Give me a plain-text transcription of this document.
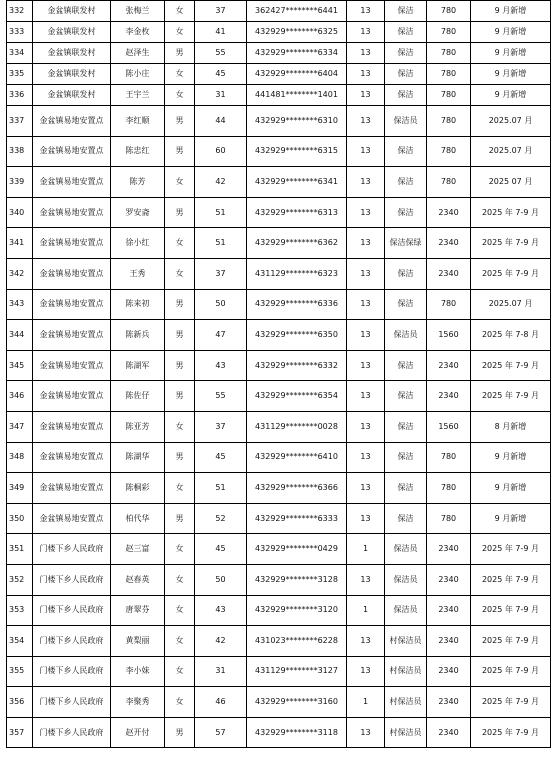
332	金盆镇联发村	张梅兰	女	37	362427********6441	13	保洁	780	9 月新增
333	金盆镇联发村	李金枚	女	41	432929********6325	13	保洁	780	9 月新增
334	金盆镇联发村	赵泽生	男	55	432929********6334	13	保洁	780	9 月新增
335	金盆镇联发村	陈小庄	女	45	432929********6404	13	保洁	780	9 月新增
336	金盆镇联发村	王宇兰	女	31	441481********1401	13	保洁	780	9 月新增
337	金盆镇易地安置点	李红顺	男	44	432929********6310	13	保洁员	780	2025.07 月
338	金盆镇易地安置点	陈忠红	男	60	432929********6315	13	保洁	780	2025.07 月
339	金盆镇易地安置点	陈芳	女	42	432929********6341	13	保洁	780	2025 07 月
340	金盆镇易地安置点	罗安斋	男	51	432929********6313	13	保洁	2340	2025 年 7-9 月
341	金盆镇易地安置点	徐小红	女	51	432929********6362	13	保洁保绿	2340	2025 年 7-9 月
342	金盆镇易地安置点	王秀	女	37	431129********6323	13	保洁	2340	2025 年 7-9 月
343	金盆镇易地安置点	陈来初	男	50	432929********6336	13	保洁	780	2025.07 月
344	金盆镇易地安置点	陈新兵	男	47	432929********6350	13	保洁员	1560	2025 年 7-8 月
345	金盆镇易地安置点	陈湖军	男	43	432929********6332	13	保洁	2340	2025 年 7-9 月
346	金盆镇易地安置点	陈佐仔	男	55	432929********6354	13	保洁	2340	2025 年 7-9 月
347	金盆镇易地安置点	陈亚芳	女	37	431129********0028	13	保洁	1560	8 月新增
348	金盆镇易地安置点	陈湖华	男	45	432929********6410	13	保洁	780	9 月新增
349	金盆镇易地安置点	陈桐彩	女	51	432929********6366	13	保洁	780	9 月新增
350	金盆镇易地安置点	柏代华	男	52	432929********6333	13	保洁	780	9 月新增
351	门楼下乡人民政府	赵三富	女	45	432929********0429	1	保洁员	2340	2025 年 7-9 月
352	门楼下乡人民政府	赵春英	女	50	432929********3128	13	保洁员	2340	2025 年 7-9 月
353	门楼下乡人民政府	唐翠芬	女	43	432929********3120	1	保洁员	2340	2025 年 7-9 月
354	门楼下乡人民政府	黄梨丽	女	42	431023********6228	13	村保洁员	2340	2025 年 7-9 月
355	门楼下乡人民政府	李小妹	女	31	431129********3127	13	村保洁员	2340	2025 年 7-9 月
356	门楼下乡人民政府	李聚秀	女	46	432929********3160	1	村保洁员	2340	2025 年 7-9 月
357	门楼下乡人民政府	赵开付	男	57	432929********3118	13	村保洁员	2340	2025 年 7-9 月
